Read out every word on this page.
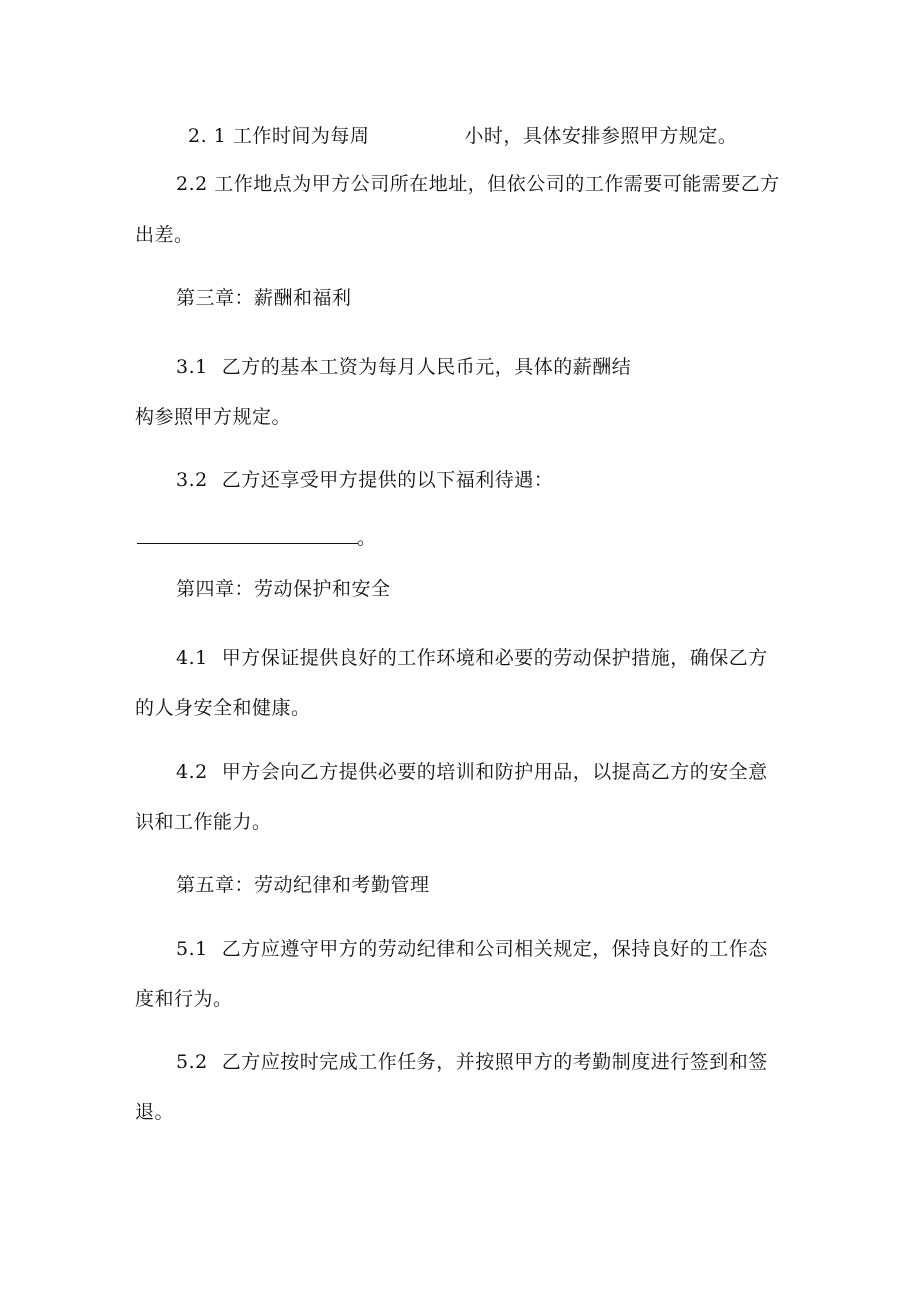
2. 1 工作时间为每周	小时，具体安排参照甲方规定。
2.2 工作地点为甲方公司所在地址，但依公司的工作需要可能需要乙方
出差。
第三章：薪酬和福利
3.1 乙方的基本工资为每月人民币元，具体的薪酬结
构参照甲方规定。
3.2 乙方还享受甲方提供的以下福利待遇：
。
第四章：劳动保护和安全
4.1 甲方保证提供良好的工作环境和必要的劳动保护措施，确保乙方
的人身安全和健康。
4.2 甲方会向乙方提供必要的培训和防护用品，以提高乙方的安全意
识和工作能力。
第五章：劳动纪律和考勤管理
5.1 乙方应遵守甲方的劳动纪律和公司相关规定，保持良好的工作态
度和行为。
5.2 乙方应按时完成工作任务，并按照甲方的考勤制度进行签到和签
退。
